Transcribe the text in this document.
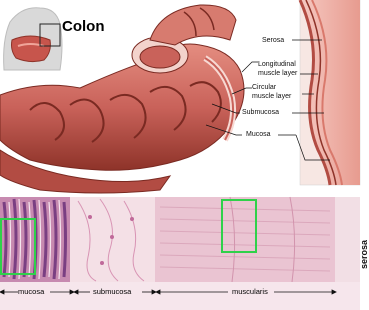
Colon
Serosa
Longitudinal
muscle layer
Circular
muscle layer
Submucosa
Mucosa
mucosa	submucosa	muscularis
serosa
